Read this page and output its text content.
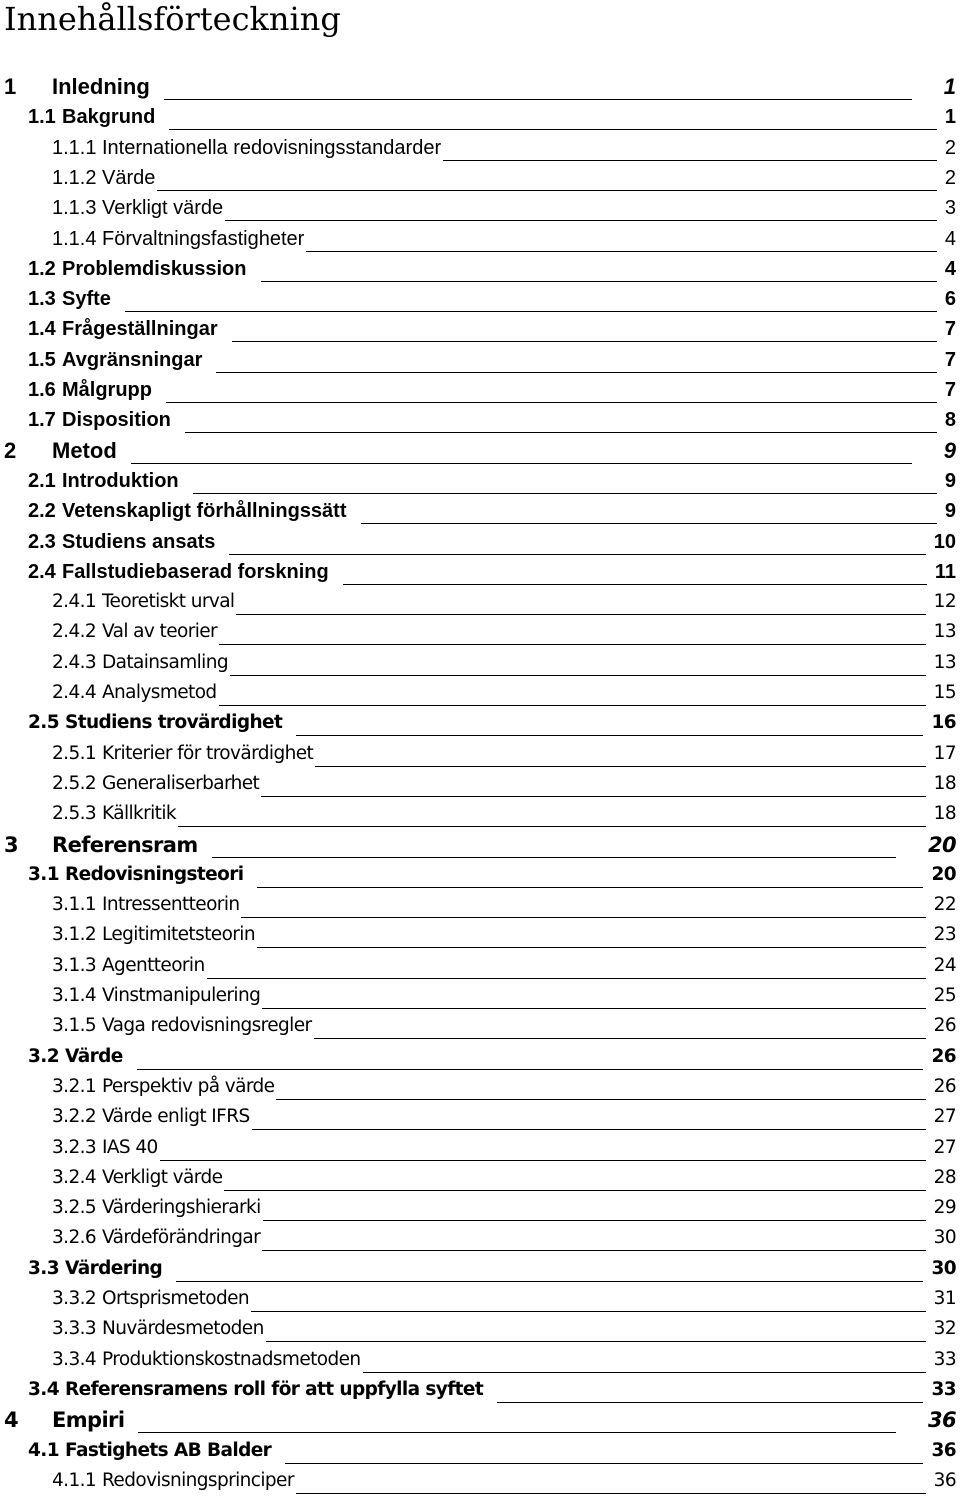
Innehållsförteckning
1 Inledning	1
1.1 Bakgrund	1
1.1.1 Internationella redovisningsstandarder	2
1.1.2 Värde	2
1.1.3 Verkligt värde	3
1.1.4 Förvaltningsfastigheter	4
1.2 Problemdiskussion	4
1.3 Syfte	6
1.4 Frågeställningar	7
1.5 Avgränsningar	7
1.6 Målgrupp	7
1.7 Disposition	8
2 Metod	9
2.1 Introduktion	9
2.2 Vetenskapligt förhållningssätt	9
2.3 Studiens ansats	10
2.4 Fallstudiebaserad forskning	11
2.4.1 Teoretiskt urval	12
2.4.2 Val av teorier	13
2.4.3 Datainsamling	13
2.4.4 Analysmetod	15
2.5 Studiens trovärdighet	16
2.5.1 Kriterier för trovärdighet	17
2.5.2 Generaliserbarhet	18
2.5.3 Källkritik	18
3 Referensram	20
3.1 Redovisningsteori	20
3.1.1 Intressentteorin	22
3.1.2 Legitimitetsteorin	23
3.1.3 Agentteorin	24
3.1.4 Vinstmanipulering	25
3.1.5 Vaga redovisningsregler	26
3.2 Värde	26
3.2.1 Perspektiv på värde	26
3.2.2 Värde enligt IFRS	27
3.2.3 IAS 40	27
3.2.4 Verkligt värde	28
3.2.5 Värderingshierarki	29
3.2.6 Värdeförändringar	30
3.3 Värdering	30
3.3.2 Ortsprismetoden	31
3.3.3 Nuvärdesmetoden	32
3.3.4 Produktionskostnadsmetoden	33
3.4 Referensramens roll för att uppfylla syftet	33
4 Empiri	36
4.1 Fastighets AB Balder	36
4.1.1 Redovisningsprinciper	36
